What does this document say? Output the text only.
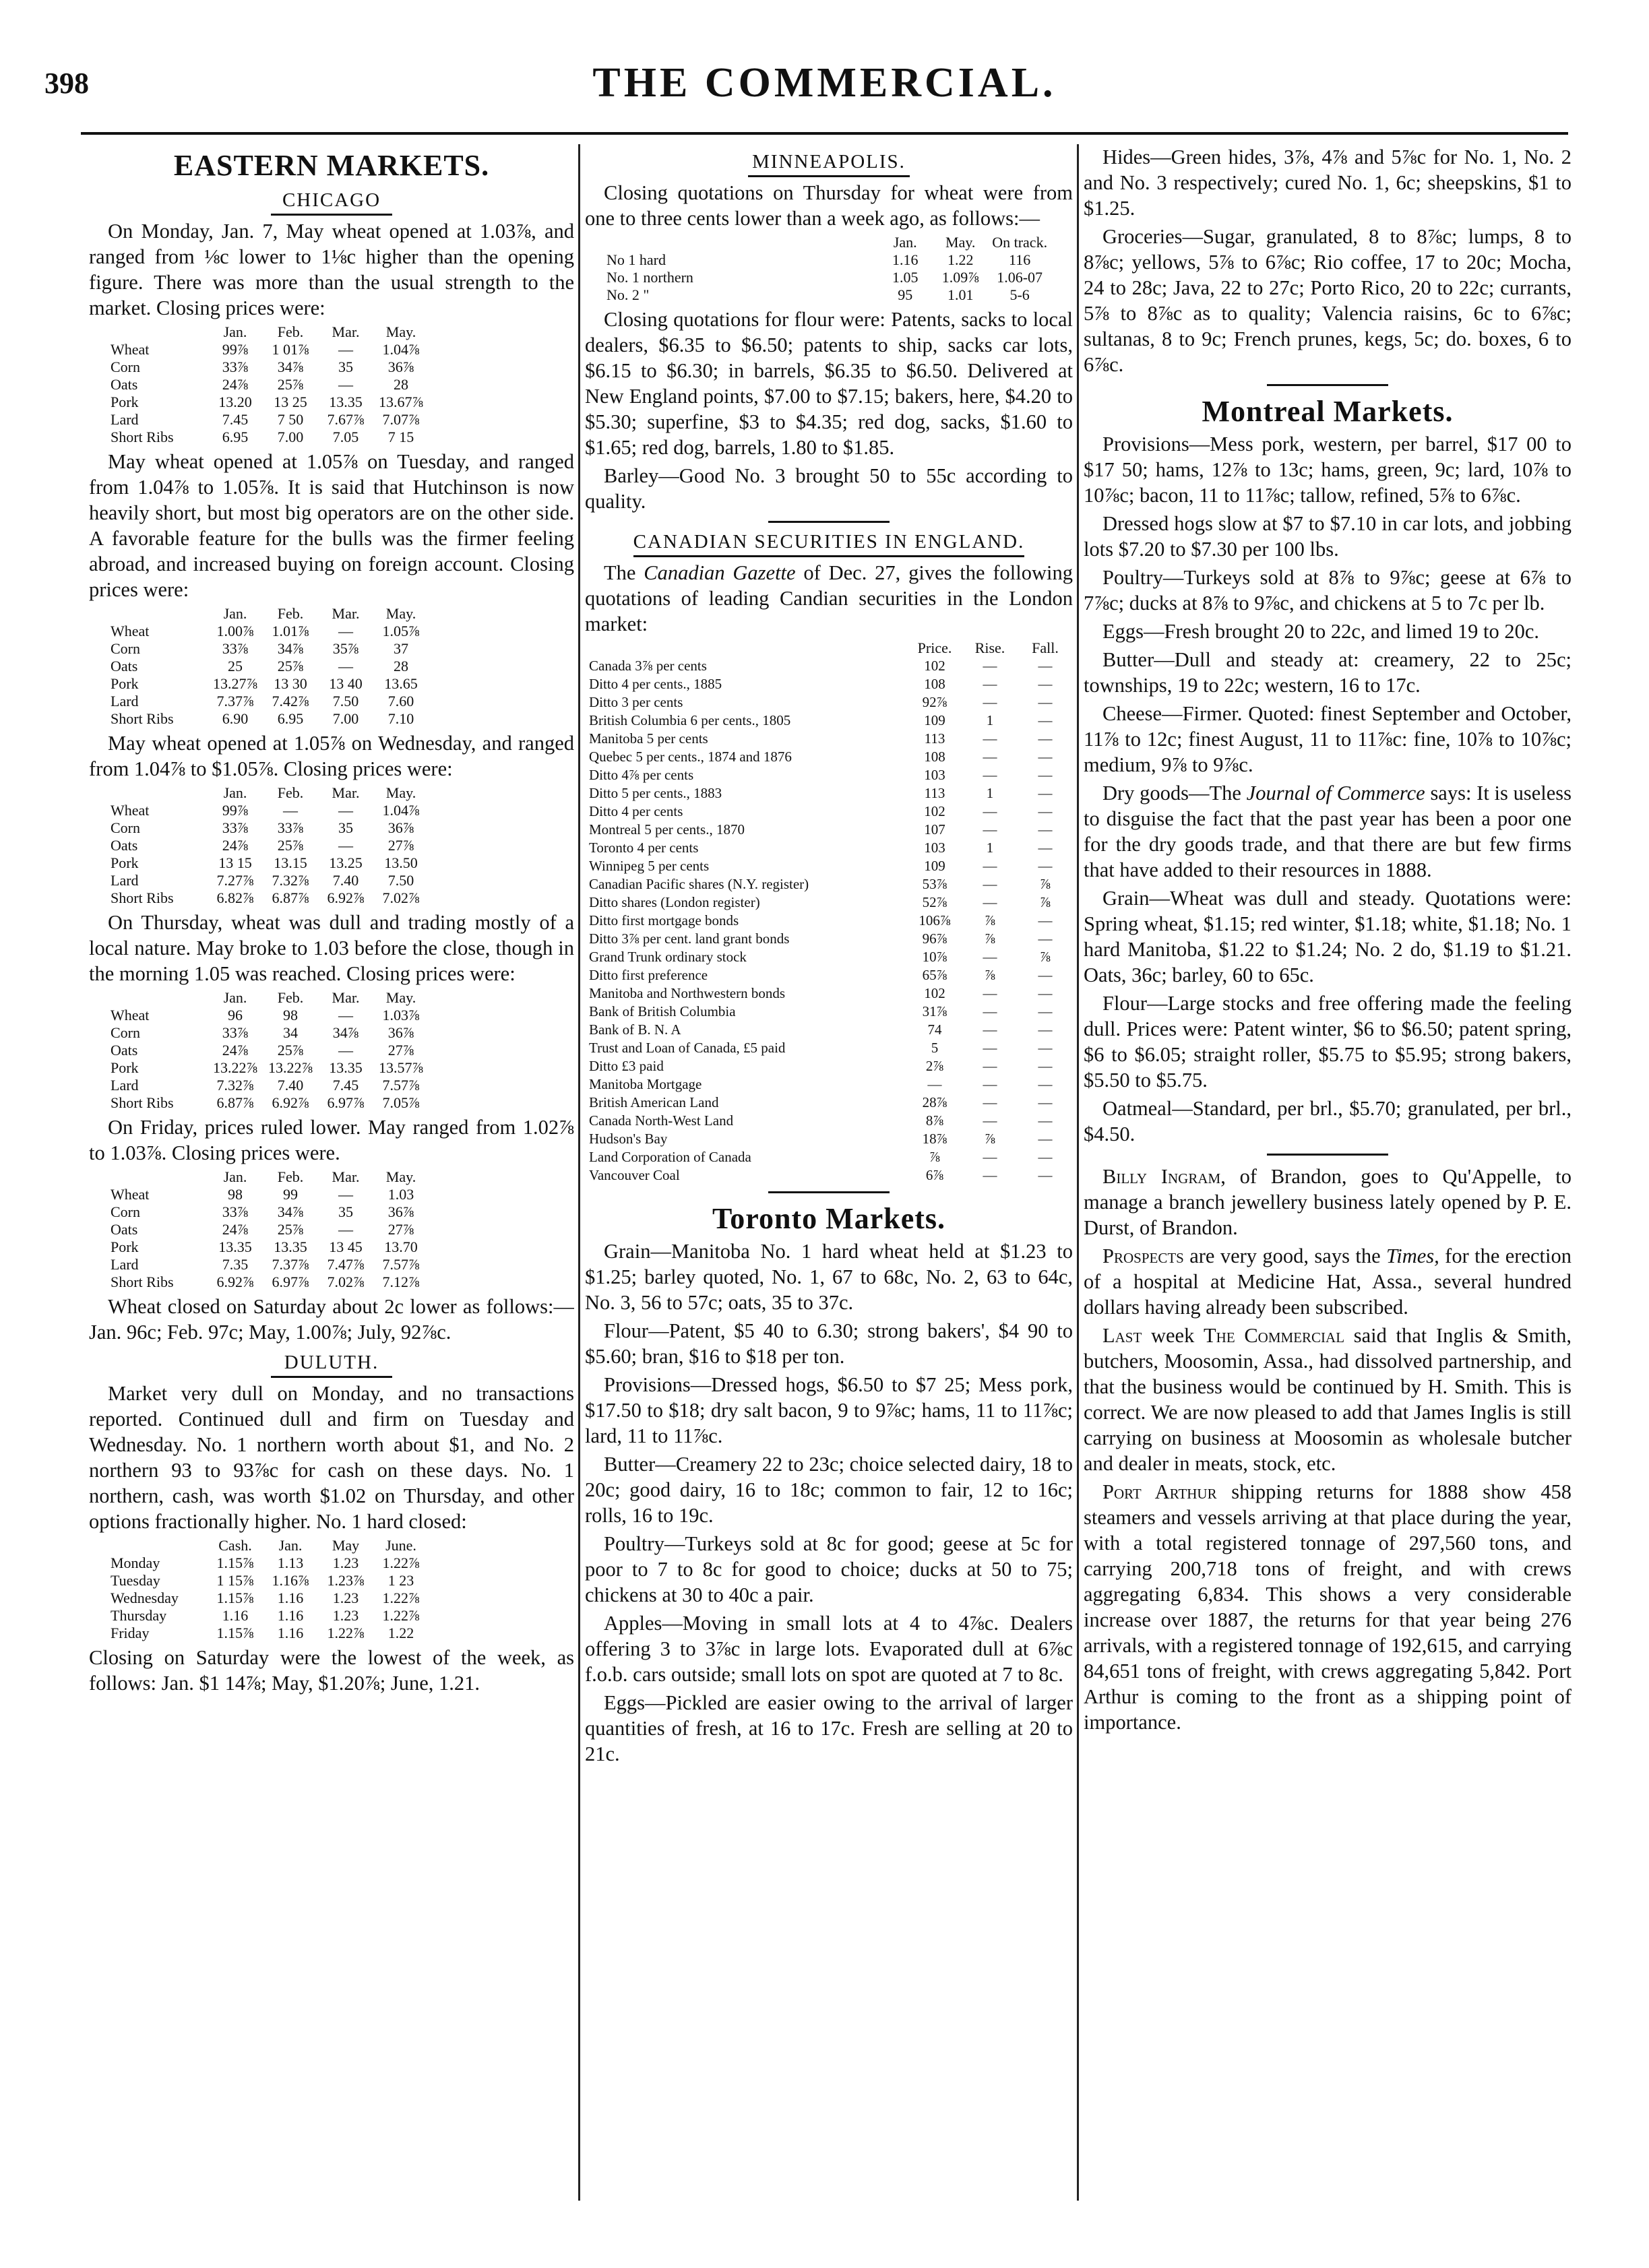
398	THE COMMERCIAL.
EASTERN MARKETS.
CHICAGO

On Monday, Jan. 7, May wheat opened at 1.03⅞, and ranged from ⅛c lower to 1⅛c higher than the opening figure. There was more than the usual strength to the market. Closing prices were:

	Jan.	Feb.	Mar.	May.
Wheat	99⅞	1 01⅞	—	1.04⅞
Corn	33⅞	34⅞	35	36⅞
Oats	24⅞	25⅞	—	28
Pork	13.20	13 25	13.35	13.67⅞
Lard	7.45	7 50	7.67⅞	7.07⅞
Short Ribs	6.95	7.00	7.05	7 15

May wheat opened at 1.05⅞ on Tuesday, and ranged from 1.04⅞ to 1.05⅞. It is said that Hutchinson is now heavily short, but most big operators are on the other side. A favorable feature for the bulls was the firmer feeling abroad, and increased buying on foreign account. Closing prices were:

	Jan.	Feb.	Mar.	May.
Wheat	1.00⅞	1.01⅞	—	1.05⅞
Corn	33⅞	34⅞	35⅞	37
Oats	25	25⅞	—	28
Pork	13.27⅞	13 30	13 40	13.65
Lard	7.37⅞	7.42⅞	7.50	7.60
Short Ribs	6.90	6.95	7.00	7.10

May wheat opened at 1.05⅞ on Wednesday, and ranged from 1.04⅞ to $1.05⅞. Closing prices were:

	Jan.	Feb.	Mar.	May.
Wheat	99⅞	—	—	1.04⅞
Corn	33⅞	33⅞	35	36⅞
Oats	24⅞	25⅞	—	27⅞
Pork	13 15	13.15	13.25	13.50
Lard	7.27⅞	7.32⅞	7.40	7.50
Short Ribs	6.82⅞	6.87⅞	6.92⅞	7.02⅞

On Thursday, wheat was dull and trading mostly of a local nature. May broke to 1.03 before the close, though in the morning 1.05 was reached. Closing prices were:

	Jan.	Feb.	Mar.	May.
Wheat	96	98	—	1.03⅞
Corn	33⅞	34	34⅞	36⅞
Oats	24⅞	25⅞	—	27⅞
Pork	13.22⅞	13.22⅞	13.35	13.57⅞
Lard	7.32⅞	7.40	7.45	7.57⅞
Short Ribs	6.87⅞	6.92⅞	6.97⅞	7.05⅞

On Friday, prices ruled lower. May ranged from 1.02⅞ to 1.03⅞. Closing prices were.

	Jan.	Feb.	Mar.	May.
Wheat	98	99	—	1.03
Corn	33⅞	34⅞	35	36⅞
Oats	24⅞	25⅞	—	27⅞
Pork	13.35	13.35	13 45	13.70
Lard	7.35	7.37⅞	7.47⅞	7.57⅞
Short Ribs	6.92⅞	6.97⅞	7.02⅞	7.12⅞

Wheat closed on Saturday about 2c lower as follows:—Jan. 96c; Feb. 97c; May, 1.00⅞; July, 92⅞c.

DULUTH.

Market very dull on Monday, and no transactions reported. Continued dull and firm on Tuesday and Wednesday. No. 1 northern worth about $1, and No. 2 northern 93 to 93⅞c for cash on these days. No. 1 northern, cash, was worth $1.02 on Thursday, and other options fractionally higher. No. 1 hard closed:

	Cash.	Jan.	May	June.
Monday	1.15⅞	1.13	1.23	1.22⅞
Tuesday	1 15⅞	1.16⅞	1.23⅞	1 23
Wednesday	1.15⅞	1.16	1.23	1.22⅞
Thursday	1.16	1.16	1.23	1.22⅞
Friday	1.15⅞	1.16	1.22⅞	1.22

Closing on Saturday were the lowest of the week, as follows: Jan. $1 14⅞; May, $1.20⅞; June, 1.21.

MINNEAPOLIS.

Closing quotations on Thursday for wheat were from one to three cents lower than a week ago, as follows:—

	Jan.	May.	On track.
No 1 hard	1.16	1.22	116
No. 1 northern	1.05	1.09⅞	1.06-07
No. 2 "	95	1.01	5-6

Closing quotations for flour were: Patents, sacks to local dealers, $6.35 to $6.50; patents to ship, sacks car lots, $6.15 to $6.30; in barrels, $6.35 to $6.50. Delivered at New England points, $7.00 to $7.15; bakers, here, $4.20 to $5.30; superfine, $3 to $4.35; red dog, sacks, $1.60 to $1.65; red dog, barrels, 1.80 to $1.85.

Barley—Good No. 3 brought 50 to 55c according to quality.

CANADIAN SECURITIES IN ENGLAND.

The Canadian Gazette of Dec. 27, gives the following quotations of leading Candian securities in the London market:

	Price.	Rise.	Fall.
Canada 3⅞ per cents	102	—	—
Ditto 4 per cents., 1885	108	—	—
Ditto 3 per cents	92⅞	—	—
British Columbia 6 per cents., 1805	109	1	—
Manitoba 5 per cents	113	—	—
Quebec 5 per cents., 1874 and 1876	108	—	—
Ditto 4⅞ per cents	103	—	—
Ditto 5 per cents., 1883	113	1	—
Ditto 4 per cents	102	—	—
Montreal 5 per cents., 1870	107	—	—
Toronto 4 per cents	103	1	—
Winnipeg 5 per cents	109	—	—
Canadian Pacific shares (N.Y. register)	53⅞	—	⅞
Ditto shares (London register)	52⅞	—	⅞
Ditto first mortgage bonds	106⅞	⅞	—
Ditto 3⅞ per cent. land grant bonds	96⅞	⅞	—
Grand Trunk ordinary stock	10⅞	—	⅞
Ditto first preference	65⅞	⅞	—
Manitoba and Northwestern bonds	102	—	—
Bank of British Columbia	31⅞	—	—
Bank of B. N. A	74	—	—
Trust and Loan of Canada, £5 paid	5	—	—
Ditto £3 paid	2⅞	—	—
Manitoba Mortgage	—	—	—
British American Land	28⅞	—	—
Canada North-West Land	8⅞	—	—
Hudson's Bay	18⅞	⅞	—
Land Corporation of Canada	⅞	—	—
Vancouver Coal	6⅞	—	—
Toronto Markets.

Grain—Manitoba No. 1 hard wheat held at $1.23 to $1.25; barley quoted, No. 1, 67 to 68c, No. 2, 63 to 64c, No. 3, 56 to 57c; oats, 35 to 37c.

Flour—Patent, $5 40 to 6.30; strong bakers', $4 90 to $5.60; bran, $16 to $18 per ton.

Provisions—Dressed hogs, $6.50 to $7 25; Mess pork, $17.50 to $18; dry salt bacon, 9 to 9⅞c; hams, 11 to 11⅞c; lard, 11 to 11⅞c.

Butter—Creamery 22 to 23c; choice selected dairy, 18 to 20c; good dairy, 16 to 18c; common to fair, 12 to 16c; rolls, 16 to 19c.

Poultry—Turkeys sold at 8c for good; geese at 5c for poor to 7 to 8c for good to choice; ducks at 50 to 75; chickens at 30 to 40c a pair.

Apples—Moving in small lots at 4 to 4⅞c. Dealers offering 3 to 3⅞c in large lots. Evaporated dull at 6⅞c f.o.b. cars outside; small lots on spot are quoted at 7 to 8c.

Eggs—Pickled are easier owing to the arrival of larger quantities of fresh, at 16 to 17c. Fresh are selling at 20 to 21c.

Hides—Green hides, 3⅞, 4⅞ and 5⅞c for No. 1, No. 2 and No. 3 respectively; cured No. 1, 6c; sheepskins, $1 to $1.25.

Groceries—Sugar, granulated, 8 to 8⅞c; lumps, 8 to 8⅞c; yellows, 5⅞ to 6⅞c; Rio coffee, 17 to 20c; Mocha, 24 to 28c; Java, 22 to 27c; Porto Rico, 20 to 22c; currants, 5⅞ to 8⅞c as to quality; Valencia raisins, 6c to 6⅞c; sultanas, 8 to 9c; French prunes, kegs, 5c; do. boxes, 6 to 6⅞c.

Montreal Markets.

Provisions—Mess pork, western, per barrel, $17 00 to $17 50; hams, 12⅞ to 13c; hams, green, 9c; lard, 10⅞ to 10⅞c; bacon, 11 to 11⅞c; tallow, refined, 5⅞ to 6⅞c.

Dressed hogs slow at $7 to $7.10 in car lots, and jobbing lots $7.20 to $7.30 per 100 lbs.

Poultry—Turkeys sold at 8⅞ to 9⅞c; geese at 6⅞ to 7⅞c; ducks at 8⅞ to 9⅞c, and chickens at 5 to 7c per lb.

Eggs—Fresh brought 20 to 22c, and limed 19 to 20c.

Butter—Dull and steady at: creamery, 22 to 25c; townships, 19 to 22c; western, 16 to 17c.

Cheese—Firmer. Quoted: finest September and October, 11⅞ to 12c; finest August, 11 to 11⅞c: fine, 10⅞ to 10⅞c; medium, 9⅞ to 9⅞c.

Dry goods—The Journal of Commerce says: It is useless to disguise the fact that the past year has been a poor one for the dry goods trade, and that there are but few firms that have added to their resources in 1888.

Grain—Wheat was dull and steady. Quotations were: Spring wheat, $1.15; red winter, $1.18; white, $1.18; No. 1 hard Manitoba, $1.22 to $1.24; No. 2 do, $1.19 to $1.21. Oats, 36c; barley, 60 to 65c.

Flour—Large stocks and free offering made the feeling dull. Prices were: Patent winter, $6 to $6.50; patent spring, $6 to $6.05; straight roller, $5.75 to $5.95; strong bakers, $5.50 to $5.75.

Oatmeal—Standard, per brl., $5.70; granulated, per brl., $4.50.

Billy Ingram, of Brandon, goes to Qu'Appelle, to manage a branch jewellery business lately opened by P. E. Durst, of Brandon.

Prospects are very good, says the Times, for the erection of a hospital at Medicine Hat, Assa., several hundred dollars having already been subscribed.

Last week The Commercial said that Inglis & Smith, butchers, Moosomin, Assa., had dissolved partnership, and that the business would be continued by H. Smith. This is correct. We are now pleased to add that James Inglis is still carrying on business at Moosomin as wholesale butcher and dealer in meats, stock, etc.

Port Arthur shipping returns for 1888 show 458 steamers and vessels arriving at that place during the year, with a total registered tonnage of 297,560 tons, and carrying 200,718 tons of freight, and with crews aggregating 6,834. This shows a very considerable increase over 1887, the returns for that year being 276 arrivals, with a registered tonnage of 192,615, and carrying 84,651 tons of freight, with crews aggregating 5,842. Port Arthur is coming to the front as a shipping point of importance.
